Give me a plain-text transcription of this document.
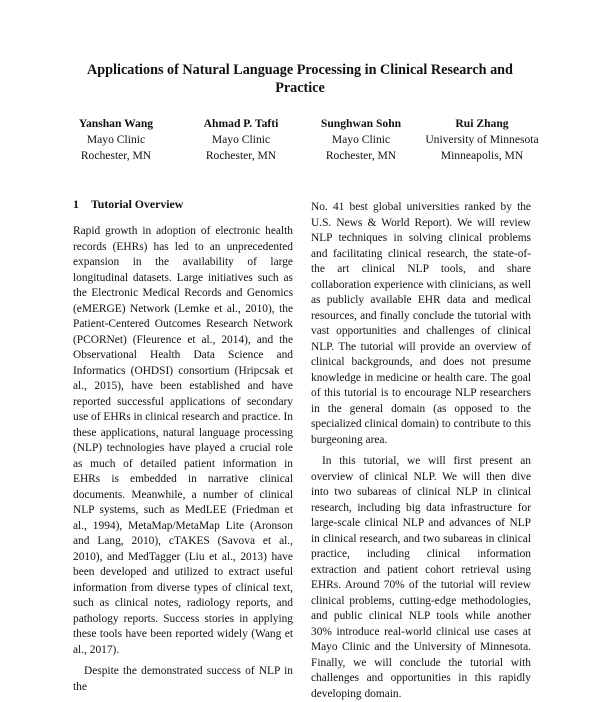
Applications of Natural Language Processing in Clinical Research and Practice
Yanshan Wang
Mayo Clinic
Rochester, MN
Ahmad P. Tafti
Mayo Clinic
Rochester, MN
Sunghwan Sohn
Mayo Clinic
Rochester, MN
Rui Zhang
University of Minnesota
Minneapolis, MN
1 Tutorial Overview

Rapid growth in adoption of electronic health records (EHRs) has led to an unprecedented expansion in the availability of large longitudinal datasets. Large initiatives such as the Electronic Medical Records and Genomics (eMERGE) Network (Lemke et al., 2010), the Patient-Centered Outcomes Research Network (PCORNet) (Fleurence et al., 2014), and the Observational Health Data Science and Informatics (OHDSI) consortium (Hripcsak et al., 2015), have been established and have reported successful applications of secondary use of EHRs in clinical research and practice. In these applications, natural language processing (NLP) technologies have played a crucial role as much of detailed patient information in EHRs is embedded in narrative clinical documents. Meanwhile, a number of clinical NLP systems, such as MedLEE (Friedman et al., 1994), MetaMap/MetaMap Lite (Aronson and Lang, 2010), cTAKES (Savova et al., 2010), and MedTagger (Liu et al., 2013) have been developed and utilized to extract useful information from diverse types of clinical text, such as clinical notes, radiology reports, and pathology reports. Success stories in applying these tools have been reported widely (Wang et al., 2017).

Despite the demonstrated success of NLP in the

No. 41 best global universities ranked by the U.S. News & World Report). We will review NLP techniques in solving clinical problems and facilitating clinical research, the state-of-the art clinical NLP tools, and share collaboration experience with clinicians, as well as publicly available EHR data and medical resources, and finally conclude the tutorial with vast opportunities and challenges of clinical NLP. The tutorial will provide an overview of clinical backgrounds, and does not presume knowledge in medicine or health care. The goal of this tutorial is to encourage NLP researchers in the general domain (as opposed to the specialized clinical domain) to contribute to this burgeoning area.

In this tutorial, we will first present an overview of clinical NLP. We will then dive into two subareas of clinical NLP in clinical research, including big data infrastructure for large-scale clinical NLP and advances of NLP in clinical research, and two subareas in clinical practice, including clinical information extraction and patient cohort retrieval using EHRs. Around 70% of the tutorial will review clinical problems, cutting-edge methodologies, and public clinical NLP tools while another 30% introduce real-world clinical use cases at Mayo Clinic and the University of Minnesota. Finally, we will conclude the tutorial with challenges and opportunities in this rapidly developing domain.
